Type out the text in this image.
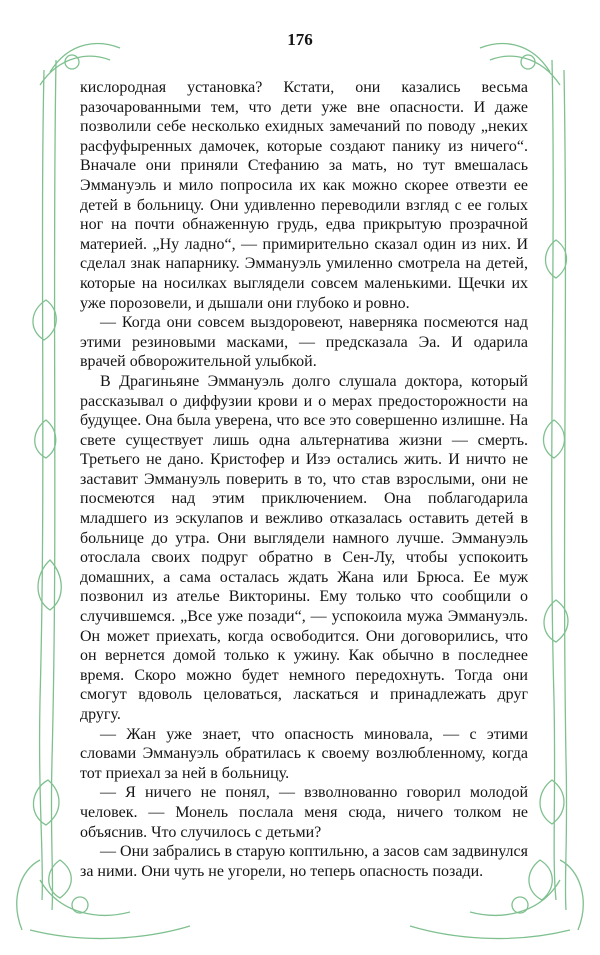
176

кислородная установка? Кстати, они казались весьма разочарованными тем, что дети уже вне опасности. И даже позволили себе несколько ехидных замечаний по поводу „неких расфуфыренных дамочек, которые создают панику из ничего“. Вначале они приняли Стефанию за мать, но тут вмешалась Эммануэль и мило попросила их как можно скорее отвезти ее детей в больницу. Они удивленно переводили взгляд с ее голых ног на почти обнаженную грудь, едва прикрытую прозрачной материей. „Ну ладно“, — примирительно сказал один из них. И сделал знак напарнику. Эммануэль умиленно смотрела на детей, которые на носилках выглядели совсем маленькими. Щечки их уже порозовели, и дышали они глубоко и ровно.

— Когда они совсем выздоровеют, наверняка посмеются над этими резиновыми масками, — предсказала Эа. И одарила врачей обворожительной улыбкой.

В Драгиньяне Эммануэль долго слушала доктора, который рассказывал о диффузии крови и о мерах предосторожности на будущее. Она была уверена, что все это совершенно излишне. На свете существует лишь одна альтернатива жизни — смерть. Третьего не дано. Кристофер и Изэ остались жить. И ничто не заставит Эммануэль поверить в то, что став взрослыми, они не посмеются над этим приключением. Она поблагодарила младшего из эскулапов и вежливо отказалась оставить детей в больнице до утра. Они выглядели намного лучше. Эммануэль отослала своих подруг обратно в Сен-Лу, чтобы успокоить домашних, а сама осталась ждать Жана или Брюса. Ее муж позвонил из ателье Викторины. Ему только что сообщили о случившемся. „Все уже позади“, — успокоила мужа Эммануэль. Он может приехать, когда освободится. Они договорились, что он вернется домой только к ужину. Как обычно в последнее время. Скоро можно будет немного передохнуть. Тогда они смогут вдоволь целоваться, ласкаться и принадлежать друг другу.

— Жан уже знает, что опасность миновала, — с этими словами Эммануэль обратилась к своему возлюбленному, когда тот приехал за ней в больницу.

— Я ничего не понял, — взволнованно говорил молодой человек. — Монель послала меня сюда, ничего толком не объяснив. Что случилось с детьми?

— Они забрались в старую коптильню, а засов сам задвинулся за ними. Они чуть не угорели, но теперь опасность позади.
